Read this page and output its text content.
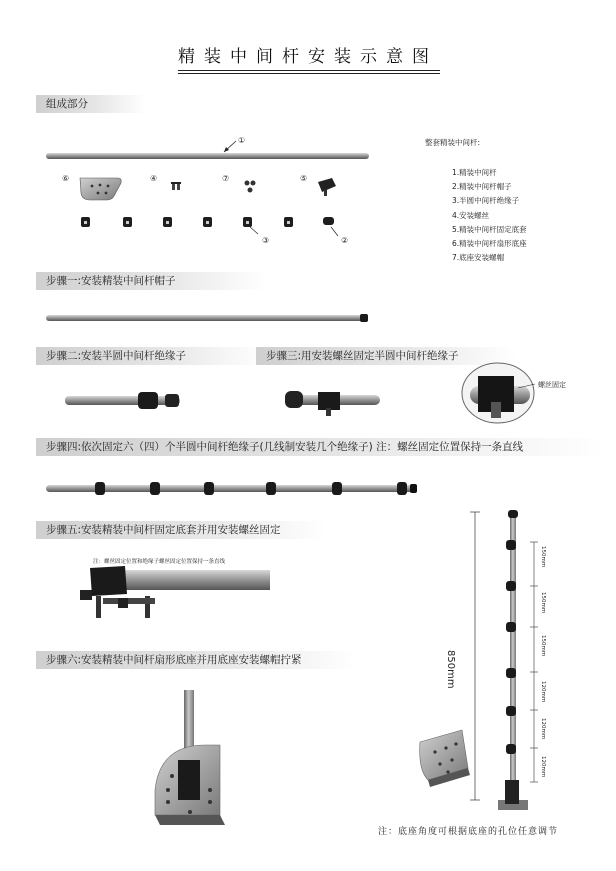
精装中间杆安装示意图
组成部分
步骤一:安装精装中间杆帽子
步骤二:安装半圆中间杆绝缘子	步骤三:用安装螺丝固定半圆中间杆绝缘子
步骤四:依次固定六（四）个半圆中间杆绝缘子(几线制安装几个绝缘子) 注：螺丝固定位置保持一条直线
步骤五:安装精装中间杆固定底套并用安装螺丝固定
步骤六:安装精装中间杆扇形底座并用底座安装螺帽拧紧
整套精装中间杆:
1.精装中间杆
2.精装中间杆帽子
3.半圆中间杆绝缘子
4.安装螺丝
5.精装中间杆固定底套
6.精装中间杆扇形底座
7.底座安装螺帽
①
⑥	④	⑦	⑤
③	②
螺丝固定
注：螺丝固定位置和绝缘子螺丝固定位置保持一条直线
850mm
150mm
150mm
150mm
120mm
120mm
120mm
注：底座角度可根据底座的孔位任意调节
